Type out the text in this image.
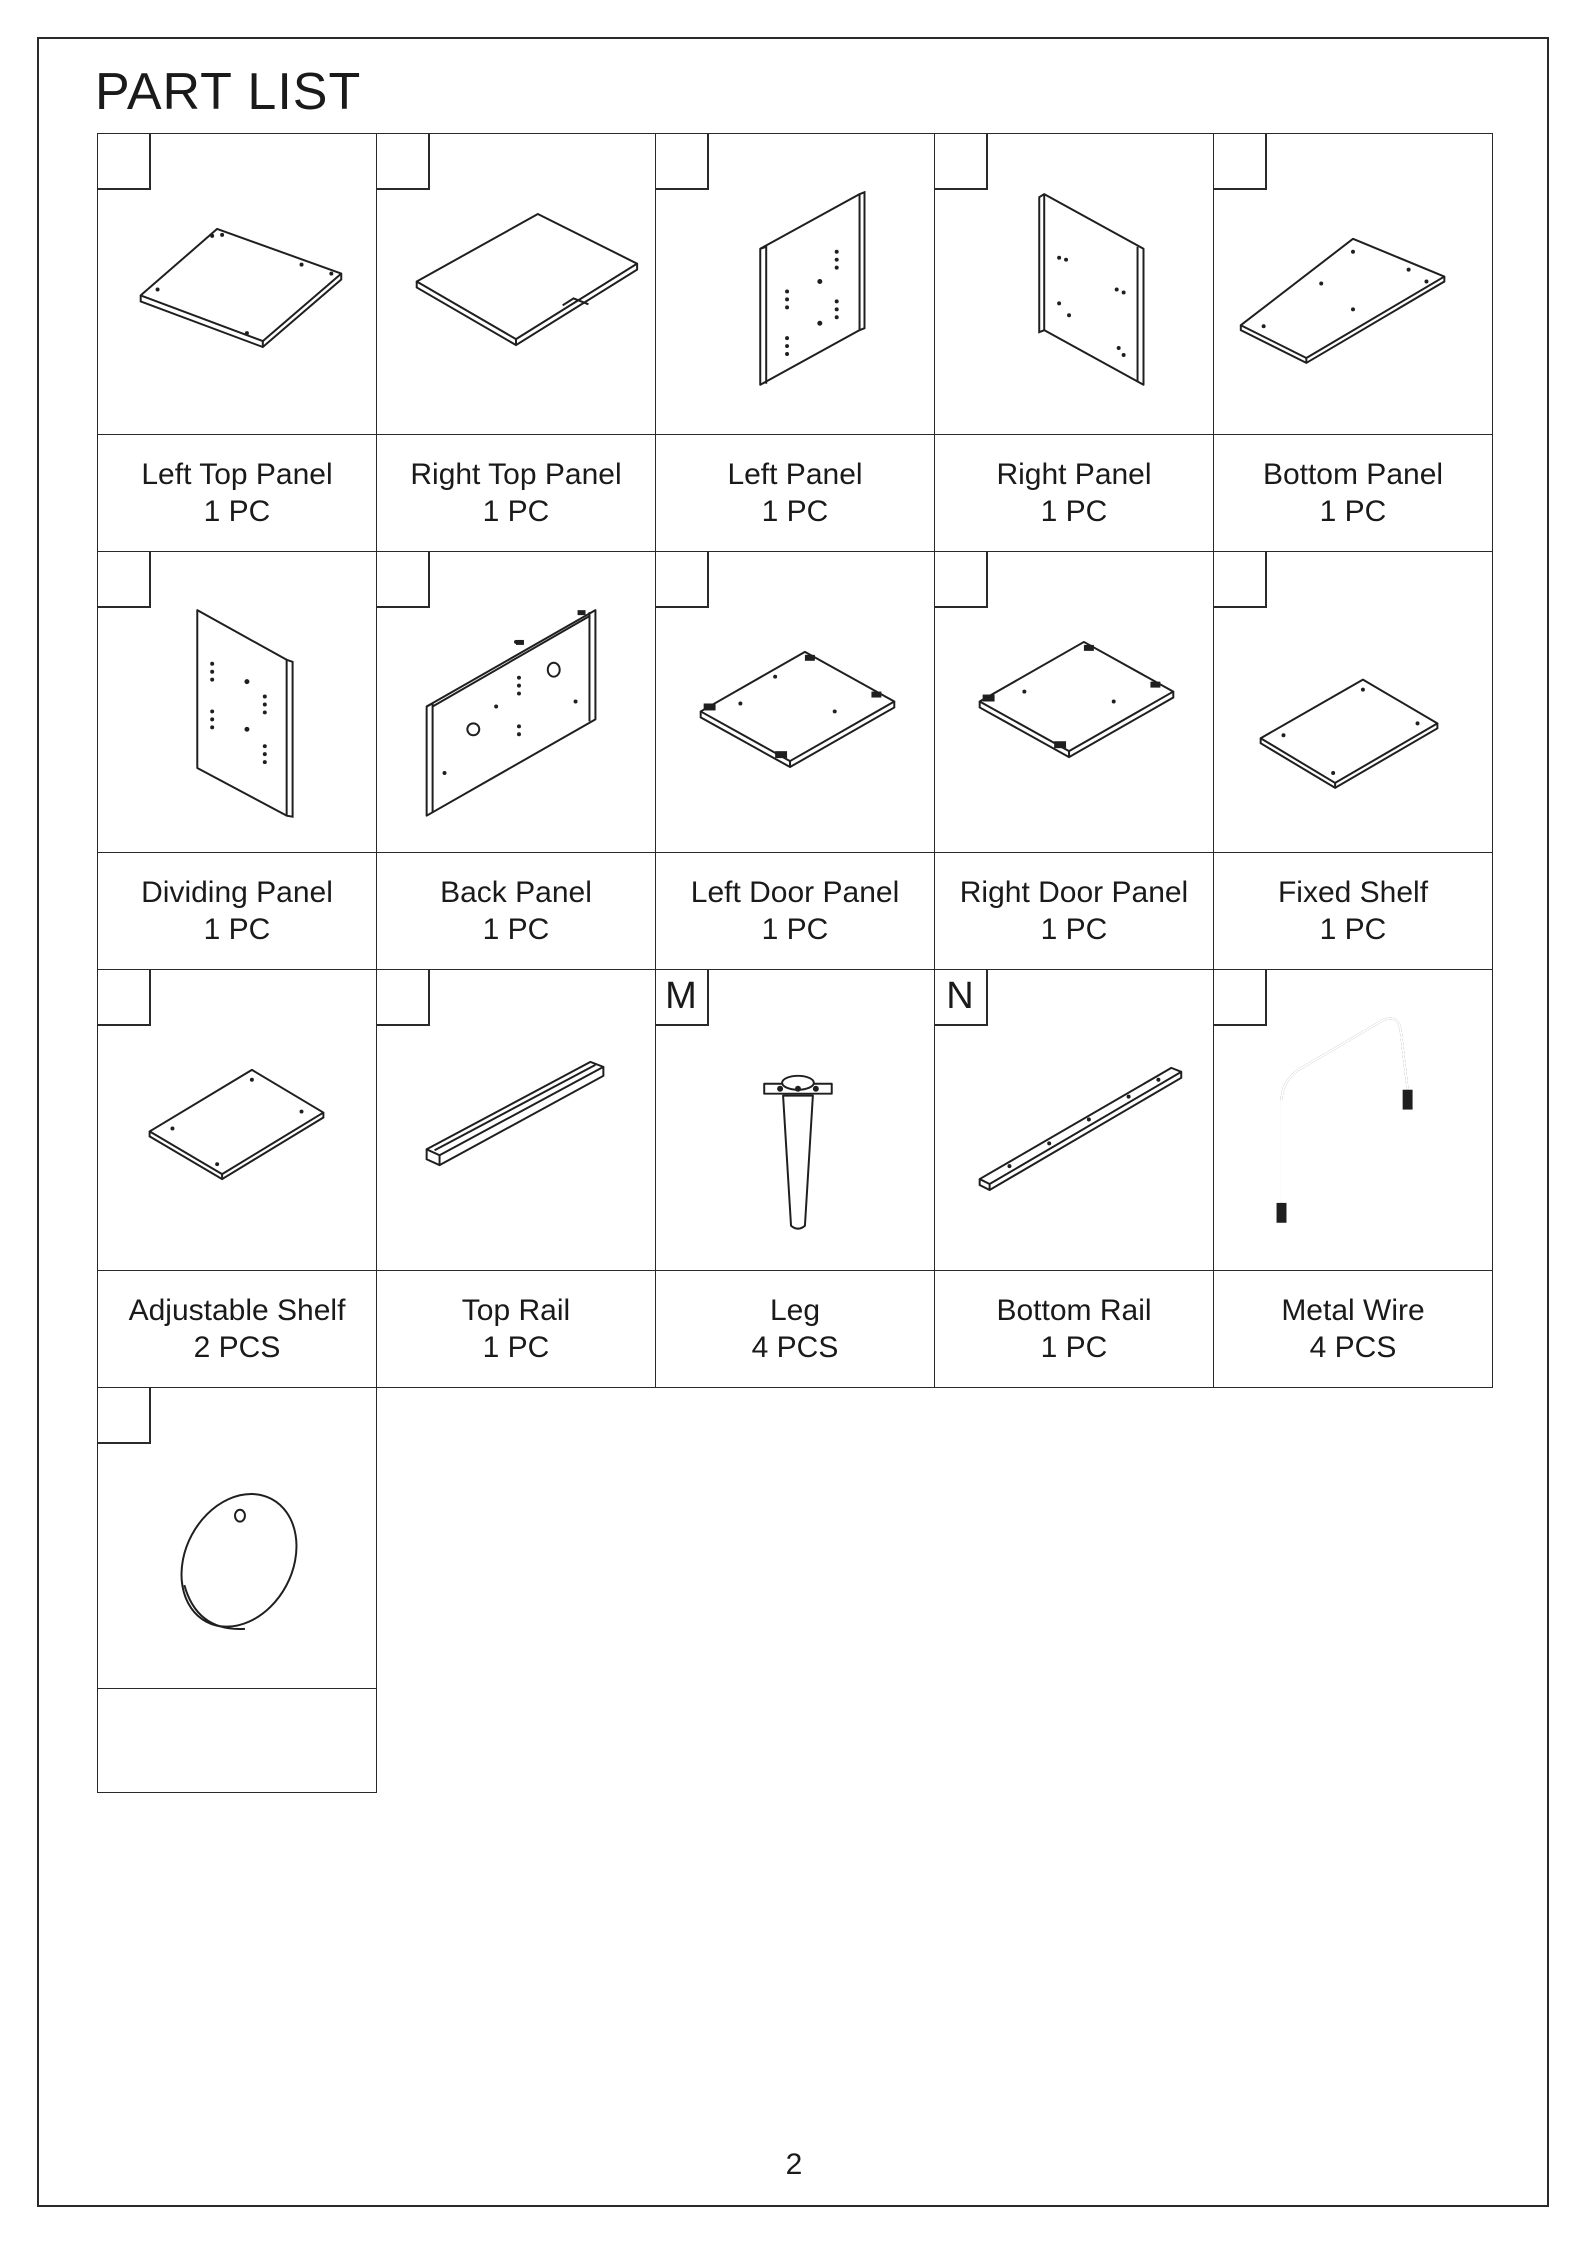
PART LIST
Left Top Panel
1 PC
Right Top Panel
1 PC
Left Panel
1 PC
Right Panel
1 PC
Bottom Panel
1 PC
Dividing Panel
1 PC
Back Panel
1 PC
Left Door Panel
1 PC
Right Door Panel
1 PC
Fixed Shelf
1 PC
Adjustable Shelf
2 PCS
Top Rail
1 PC
M
Leg
4 PCS
N
Bottom Rail
1 PC
Metal Wire
4 PCS
2
